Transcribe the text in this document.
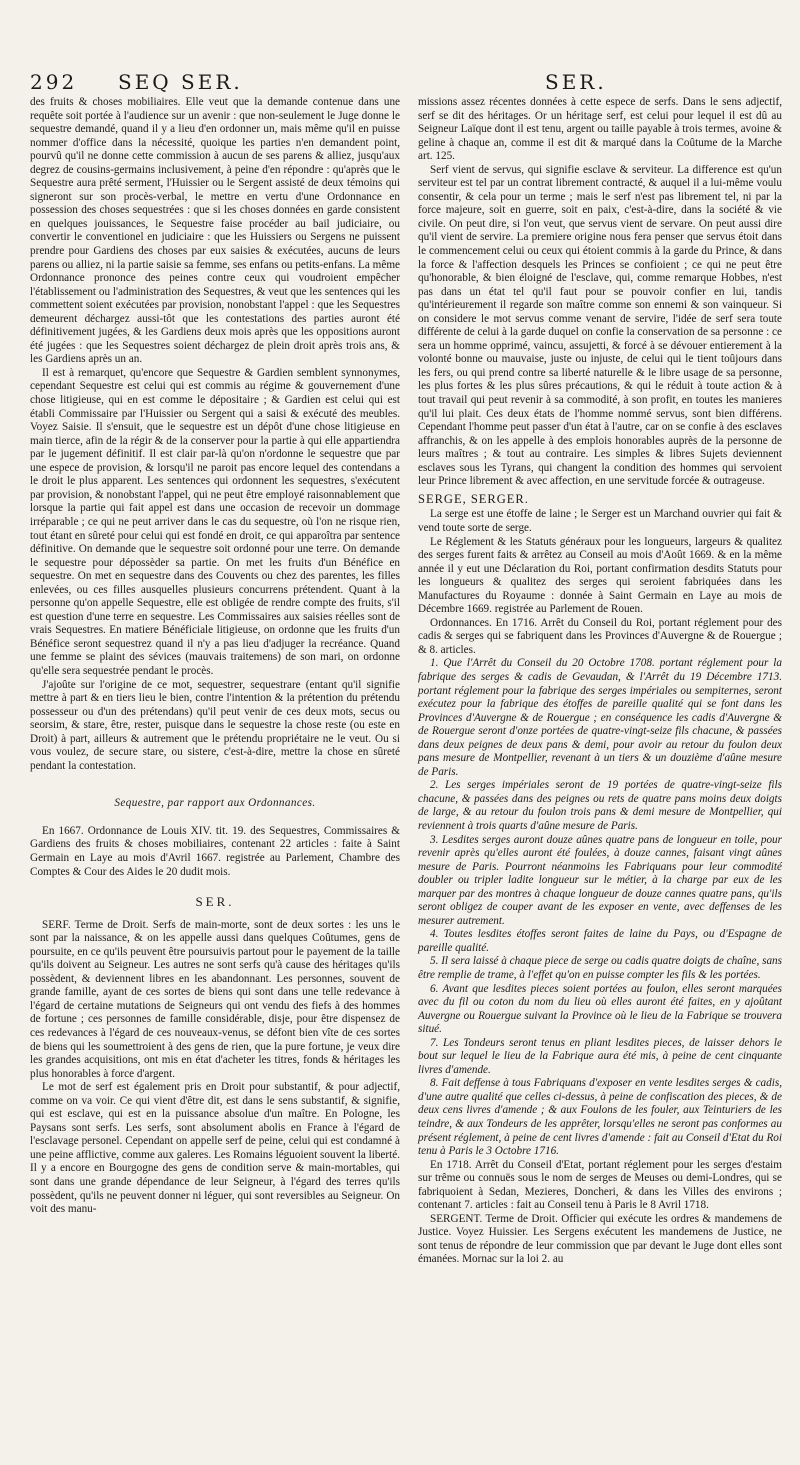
292 SEQ SER.	SER.

des fruits & choses mobiliaires. Elle veut que la demande contenue dans une requête soit portée à l'audience sur un avenir : que non-seulement le Juge donne le sequestre demandé, quand il y a lieu d'en ordonner un, mais même qu'il en puisse nommer d'office dans la nécessité, quoique les parties n'en demandent point, pourvû qu'il ne donne cette commission à aucun de ses parens & alliez, jusqu'aux degrez de cousins-germains inclusivement, à peine d'en répondre : qu'après que le Sequestre aura prêté serment, l'Huissier ou le Sergent assisté de deux témoins qui signeront sur son procès-verbal, le mettre en vertu d'une Ordonnance en possession des choses sequestrées : que si les choses données en garde consistent en quelques jouissances, le Sequestre faise procéder au bail judiciaire, ou convertir le conventionel en judiciaire : que les Huissiers ou Sergens ne puissent prendre pour Gardiens des choses par eux saisies & exécutées, aucuns de leurs parens ou alliez, ni la partie saisie sa femme, ses enfans ou petits-enfans. La même Ordonnance prononce des peines contre ceux qui voudroient empêcher l'établissement ou l'administration des Sequestres, & veut que les sentences qui les commettent soient exécutées par provision, nonobstant l'appel : que les Sequestres demeurent déchargez aussi-tôt que les contestations des parties auront été définitivement jugées, & les Gardiens deux mois après que les oppositions auront été jugées : que les Sequestres soient déchargez de plein droit après trois ans, & les Gardiens après un an.

Il est à remarquet, qu'encore que Sequestre & Gardien semblent synnonymes, cependant Sequestre est celui qui est commis au régime & gouvernement d'une chose litigieuse, qui en est comme le dépositaire ; & Gardien est celui qui est établi Commissaire par l'Huissier ou Sergent qui a saisi & exécuté des meubles. Voyez Saisie. Il s'ensuit, que le sequestre est un dépôt d'une chose litigieuse en main tierce, afin de la régir & de la conserver pour la partie à qui elle appartiendra par le jugement définitif. Il est clair par-là qu'on n'ordonne le sequestre que par une espece de provision, & lorsqu'il ne paroit pas encore lequel des contendans a le droit le plus apparent. Les sentences qui ordonnent les sequestres, s'exécutent par provision, & nonobstant l'appel, qui ne peut être employé raisonnablement que lorsque la partie qui fait appel est dans une occasion de recevoir un dommage irréparable ; ce qui ne peut arriver dans le cas du sequestre, où l'on ne risque rien, tout étant en sûreté pour celui qui est fondé en droit, ce qui apparoîtra par sentence définitive. On demande que le sequestre soit ordonné pour une terre. On demande le sequestre pour dépossèder sa partie. On met les fruits d'un Bénéfice en sequestre. On met en sequestre dans des Couvents ou chez des parentes, les filles enlevées, ou ces filles ausquelles plusieurs concurrens prétendent. Quant à la personne qu'on appelle Sequestre, elle est obligée de rendre compte des fruits, s'il est question d'une terre en sequestre. Les Commissaires aux saisies réelles sont de vrais Sequestres. En matiere Bénéficiale litigieuse, on ordonne que les fruits d'un Bénéfice seront sequestrez quand il n'y a pas lieu d'adjuger la recréance. Quand une femme se plaint des sévices (mauvais traitemens) de son mari, on ordonne qu'elle sera sequestrée pendant le procès.

J'ajoûte sur l'origine de ce mot, sequestrer, sequestrare (entant qu'il signifie mettre à part & en tiers lieu le bien, contre l'intention & la prétention du prétendu possesseur ou d'un des prétendans) qu'il peut venir de ces deux mots, secus ou seorsim, & stare, être, rester, puisque dans le sequestre la chose reste (ou este en Droit) à part, ailleurs & autrement que le prétendu propriétaire ne le veut. Ou si vous voulez, de secure stare, ou sistere, c'est-à-dire, mettre la chose en sûreté pendant la contestation.

Sequestre, par rapport aux Ordonnances.

En 1667. Ordonnance de Louis XIV. tit. 19. des Sequestres, Commissaires & Gardiens des fruits & choses mobiliaires, contenant 22 articles : faite à Saint Germain en Laye au mois d'Avril 1667. registrée au Parlement, Chambre des Comptes & Cour des Aides le 20 dudit mois.

SER.

SERF. Terme de Droit. Serfs de main-morte, sont de deux sortes : les uns le sont par la naissance, & on les appelle aussi dans quelques Coûtumes, gens de poursuite, en ce qu'ils peuvent être poursuivis partout pour le payement de la taille qu'ils doivent au Seigneur. Les autres ne sont serfs qu'à cause des héritages qu'ils possèdent, & deviennent libres en les abandonnant. Les personnes, souvent de grande famille, ayant de ces sortes de biens qui sont dans une telle redevance à l'égard de certaine mutations de Seigneurs qui ont vendu des fiefs à des hommes de fortune ; ces personnes de famille considérable, disje, pour être dispensez de ces redevances à l'égard de ces nouveaux-venus, se défont bien vîte de ces sortes de biens qui les soumettroient à des gens de rien, que la pure fortune, je veux dire les grandes acquisitions, ont mis en état d'acheter les titres, fonds & héritages les plus honorables à force d'argent.

Le mot de serf est également pris en Droit pour substantif, & pour adjectif, comme on va voir. Ce qui vient d'être dit, est dans le sens substantif, & signifie, qui est esclave, qui est en la puissance absolue d'un maître. En Pologne, les Paysans sont serfs. Les serfs, sont absolument abolis en France à l'égard de l'esclavage personel. Cependant on appelle serf de peine, celui qui est condamné à une peine afflictive, comme aux galeres. Les Romains léguoient souvent la liberté. Il y a encore en Bourgogne des gens de condition serve & main-mortables, qui sont dans une grande dépendance de leur Seigneur, à l'égard des terres qu'ils possèdent, qu'ils ne peuvent donner ni léguer, qui sont reversibles au Seigneur. On voit des manu-

missions assez récentes données à cette espece de serfs. Dans le sens adjectif, serf se dit des héritages. Or un héritage serf, est celui pour lequel il est dû au Seigneur Laïque dont il est tenu, argent ou taille payable à trois termes, avoine & geline à chaque an, comme il est dit & marqué dans la Coûtume de la Marche art. 125.

Serf vient de servus, qui signifie esclave & serviteur. La difference est qu'un serviteur est tel par un contrat librement contracté, & auquel il a lui-même voulu consentir, & cela pour un terme ; mais le serf n'est pas librement tel, ni par la force majeure, soit en guerre, soit en paix, c'est-à-dire, dans la société & vie civile. On peut dire, si l'on veut, que servus vient de servare. On peut aussi dire qu'il vient de servire. La premiere origine nous fera penser que servus étoit dans le commencement celui ou ceux qui étoient commis à la garde du Prince, & dans la force & l'affection desquels les Princes se confioient ; ce qui ne peut être qu'honorable, & bien éloigné de l'esclave, qui, comme remarque Hobbes, n'est pas dans un état tel qu'il faut pour se pouvoir confier en lui, tandis qu'intérieurement il regarde son maître comme son ennemi & son vainqueur. Si on considere le mot servus comme venant de servire, l'idée de serf sera toute différente de celui à la garde duquel on confie la conservation de sa personne : ce sera un homme opprimé, vaincu, assujetti, & forcé à se dévouer entierement à la volonté bonne ou mauvaise, juste ou injuste, de celui qui le tient toûjours dans les fers, ou qui prend contre sa liberté naturelle & le libre usage de sa personne, les plus fortes & les plus sûres précautions, & qui le réduit à toute action & à tout travail qui peut revenir à sa commodité, à son profit, en toutes les manieres qu'il lui plait. Ces deux états de l'homme nommé servus, sont bien différens. Cependant l'homme peut passer d'un état à l'autre, car on se confie à des esclaves affranchis, & on les appelle à des emplois honorables auprès de la personne de leurs maîtres ; & tout au contraire. Les simples & libres Sujets deviennent esclaves sous les Tyrans, qui changent la condition des hommes qui servoient leur Prince librement & avec affection, en une servitude forcée & outrageuse.

SERGE, SERGER.

La serge est une étoffe de laine ; le Serger est un Marchand ouvrier qui fait & vend toute sorte de serge.

Le Réglement & les Statuts généraux pour les longueurs, largeurs & qualitez des serges furent faits & arrêtez au Conseil au mois d'Août 1669. & en la même année il y eut une Déclaration du Roi, portant confirmation desdits Statuts pour les longueurs & qualitez des serges qui seroient fabriquées dans les Manufactures du Royaume : donnée à Saint Germain en Laye au mois de Décembre 1669. registrée au Parlement de Rouen.

Ordonnances. En 1716. Arrêt du Conseil du Roi, portant réglement pour des cadis & serges qui se fabriquent dans les Provinces d'Auvergne & de Rouergue ; & 8. articles.

1. Que l'Arrêt du Conseil du 20 Octobre 1708. portant réglement pour la fabrique des serges & cadis de Gevaudan, & l'Arrêt du 19 Décembre 1713. portant réglement pour la fabrique des serges impériales ou sempiternes, seront exécutez pour la fabrique des étoffes de pareille qualité qui se font dans les Provinces d'Auvergne & de Rouergue ; en conséquence les cadis d'Auvergne & de Rouergue seront d'onze portées de quatre-vingt-seize fils chacune, & passées dans deux peignes de deux pans & demi, pour avoir au retour du foulon deux pans mesure de Montpellier, revenant à un tiers & un douzième d'aûne mesure de Paris.

2. Les serges impériales seront de 19 portées de quatre-vingt-seize fils chacune, & passées dans des peignes ou rets de quatre pans moins deux doigts de large, & au retour du foulon trois pans & demi mesure de Montpellier, qui reviennent à trois quarts d'aûne mesure de Paris.

3. Lesdites serges auront douze aûnes quatre pans de longueur en toile, pour revenir après qu'elles auront été foulées, à douze cannes, faisant vingt aûnes mesure de Paris. Pourront néanmoins les Fabriquans pour leur commodité doubler ou tripler ladite longueur sur le métier, à la charge par eux de les marquer par des montres à chaque longueur de douze cannes quatre pans, qu'ils seront obligez de couper avant de les exposer en vente, avec deffenses de les mesurer autrement.

4. Toutes lesdites étoffes seront faites de laine du Pays, ou d'Espagne de pareille qualité.

5. Il sera laissé à chaque piece de serge ou cadis quatre doigts de chaîne, sans être remplie de trame, à l'effet qu'on en puisse compter les fils & les portées.

6. Avant que lesdites pieces soient portées au foulon, elles seront marquées avec du fil ou coton du nom du lieu où elles auront été faites, en y ajoûtant Auvergne ou Rouergue suivant la Province où le lieu de la Fabrique se trouvera situé.

7. Les Tondeurs seront tenus en pliant lesdites pieces, de laisser dehors le bout sur lequel le lieu de la Fabrique aura été mis, à peine de cent cinquante livres d'amende.

8. Fait deffense à tous Fabriquans d'exposer en vente lesdites serges & cadis, d'une autre qualité que celles ci-dessus, à peine de confiscation des pieces, & de deux cens livres d'amende ; & aux Foulons de les fouler, aux Teinturiers de les teindre, & aux Tondeurs de les apprêter, lorsqu'elles ne seront pas conformes au présent réglement, à peine de cent livres d'amende : fait au Conseil d'Etat du Roi tenu à Paris le 3 Octobre 1716.

En 1718. Arrêt du Conseil d'Etat, portant réglement pour les serges d'estaim sur trême ou connuës sous le nom de serges de Meuses ou demi-Londres, qui se fabriquoient à Sedan, Mezieres, Doncheri, & dans les Villes des environs ; contenant 7. articles : fait au Conseil tenu à Paris le 8 Avril 1718.

SERGENT. Terme de Droit. Officier qui exécute les ordres & mandemens de Justice. Voyez Huissier. Les Sergens exécutent les mandemens de Justice, ne sont tenus de répondre de leur commission que par devant le Juge dont elles sont émanées. Mornac sur la loi 2. au
